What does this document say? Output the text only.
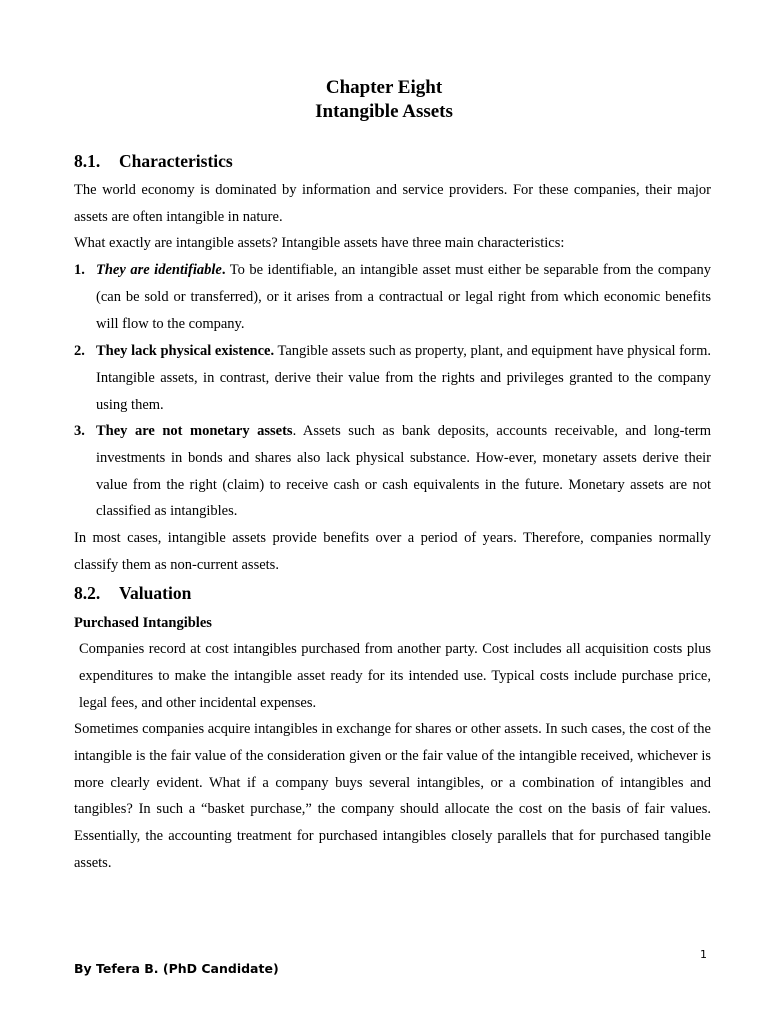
Chapter Eight
Intangible Assets
8.1. Characteristics
The world economy is dominated by information and service providers. For these companies, their major assets are often intangible in nature.
What exactly are intangible assets? Intangible assets have three main characteristics:
1. They are identifiable. To be identifiable, an intangible asset must either be separable from the company (can be sold or transferred), or it arises from a contractual or legal right from which economic benefits will flow to the company.
2. They lack physical existence. Tangible assets such as property, plant, and equipment have physical form. Intangible assets, in contrast, derive their value from the rights and privileges granted to the company using them.
3. They are not monetary assets. Assets such as bank deposits, accounts receivable, and long-term investments in bonds and shares also lack physical substance. How-ever, monetary assets derive their value from the right (claim) to receive cash or cash equivalents in the future. Monetary assets are not classified as intangibles.
In most cases, intangible assets provide benefits over a period of years. Therefore, companies normally classify them as non-current assets.
8.2. Valuation
Purchased Intangibles
Companies record at cost intangibles purchased from another party. Cost includes all acquisition costs plus expenditures to make the intangible asset ready for its intended use. Typical costs include purchase price, legal fees, and other incidental expenses.
Sometimes companies acquire intangibles in exchange for shares or other assets. In such cases, the cost of the intangible is the fair value of the consideration given or the fair value of the intangible received, whichever is more clearly evident. What if a company buys several intangibles, or a combination of intangibles and tangibles? In such a “basket purchase,” the company should allocate the cost on the basis of fair values. Essentially, the accounting treatment for purchased intangibles closely parallels that for purchased tangible assets.
1
By Tefera B. (PhD Candidate)
